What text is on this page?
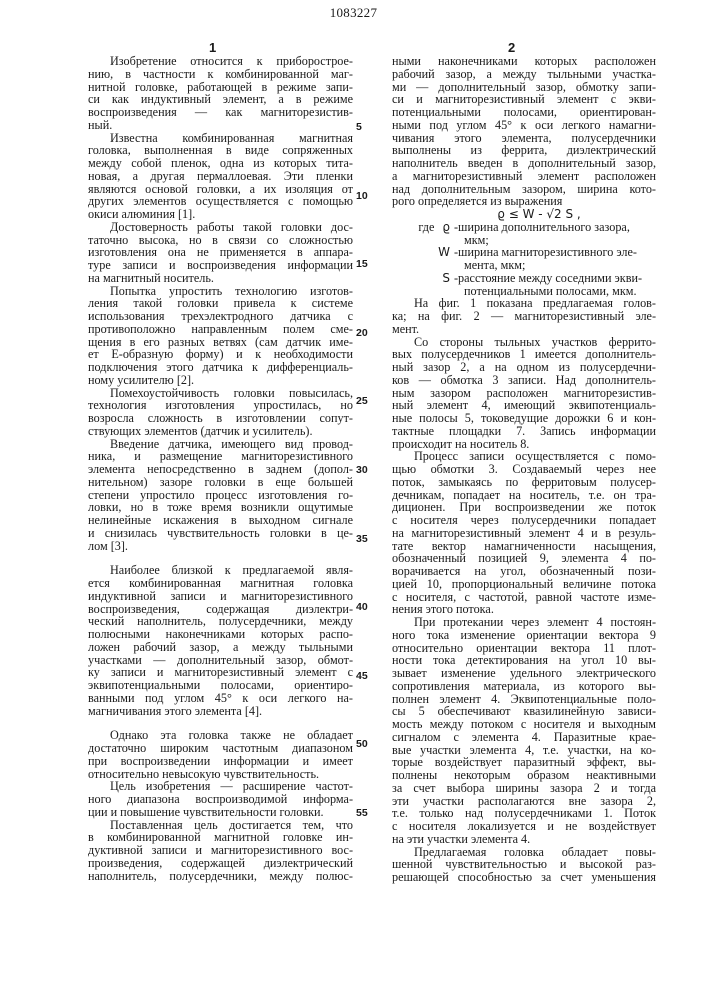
1083227
1	2
Изобретение относится к приборострое-
нию, в частности к комбинированной маг-
нитной головке, работающей в режиме запи-
си как индуктивный элемент, а в режиме
воспроизведения — как магниторезистив-
ный.
Известна комбинированная магнитная
головка, выполненная в виде сопряженных
между собой пленок, одна из которых тита-
новая, а другая пермаллоевая. Эти пленки
являются основой головки, а их изоляция от
других элементов осуществляется с помощью
окиси алюминия [1].
Достоверность работы такой головки дос-
таточно высока, но в связи со сложностью
изготовления она не применяется в аппара-
туре записи и воспроизведения информации
на магнитный носитель.
Попытка упростить технологию изготов-
ления такой головки привела к системе
использования трехэлектродного датчика с
противоположно направленным полем сме-
щения в его разных ветвях (сам датчик име-
ет Е-образную форму) и к необходимости
подключения этого датчика к дифференциаль-
ному усилителю [2].
Помехоустойчивость головки повысилась,
технология изготовления упростилась, но
возросла сложность в изготовлении сопут-
ствующих элементов (датчик и усилитель).
Введение датчика, имеющего вид провод-
ника, и размещение магниторезистивного
элемента непосредственно в заднем (допол-
нительном) зазоре головки в еще большей
степени упростило процесс изготовления го-
ловки, но в тоже время возникли ощутимые
нелинейные искажения в выходном сигнале
и снизилась чувствительность головки в це-
лом [3].
Наиболее близкой к предлагаемой явля-
ется комбинированная магнитная головка
индуктивной записи и магниторезистивного
воспроизведения, содержащая диэлектри-
ческий наполнитель, полусердечники, между
полюсными наконечниками которых распо-
ложен рабочий зазор, а между тыльными
участками — дополнительный зазор, обмот-
ку записи и магниторезистивный элемент с
эквипотенциальными полосами, ориентиро-
ванными под углом 45° к оси легкого на-
магничивания этого элемента [4].
Однако эта головка также не обладает
достаточно широким частотным диапазоном
при воспроизведении информации и имеет
относительно невысокую чувствительность.
Цель изобретения — расширение частот-
ного диапазона воспроизводимой информа-
ции и повышение чувствительности головки.
Поставленная цель достигается тем, что
в комбинированной магнитной головке ин-
дуктивной записи и магниторезистивного вос-
произведения, содержащей диэлектрический
наполнитель, полусердечники, между полюс-
ными наконечниками которых расположен
рабочий зазор, а между тыльными участка-
ми — дополнительный зазор, обмотку запи-
си и магниторезистивный элемент с экви-
потенциальными полосами, ориентирован-
ными под углом 45° к оси легкого намагни-
чивания этого элемента, полусердечники
выполнены из феррита, диэлектрический
наполнитель введен в дополнительный зазор,
а магниторезистивный элемент расположен
над дополнительным зазором, ширина кото-
рого определяется из выражения
ϱ ≤ W - √2 S ,
где ϱ -ширина дополнительного зазора,
мкм;
W -ширина магниторезистивного эле-
мента, мкм;
S -расстояние между соседними экви-
потенциальными полосами, мкм.
На фиг. 1 показана предлагаемая голов-
ка; на фиг. 2 — магниторезистивный эле-
мент.
Со стороны тыльных участков феррито-
вых полусердечников 1 имеется дополнитель-
ный зазор 2, а на одном из полусердечни-
ков — обмотка 3 записи. Над дополнитель-
ным зазором расположен магниторезистив-
ный элемент 4, имеющий эквипотенциаль-
ные полосы 5, токоведущие дорожки 6 и кон-
тактные площадки 7. Запись информации
происходит на носитель 8.
Процесс записи осуществляется с помо-
щью обмотки 3. Создаваемый через нее
поток, замыкаясь по ферритовым полусер-
дечникам, попадает на носитель, т.е. он тра-
диционен. При воспроизведении же поток
с носителя через полусердечники попадает
на магниторезистивный элемент 4 и в резуль-
тате вектор намагниченности насыщения,
обозначенный позицией 9, элемента 4 по-
ворачивается на угол, обозначенный пози-
цией 10, пропорциональный величине потока
с носителя, с частотой, равной частоте изме-
нения этого потока.
При протекании через элемент 4 постоян-
ного тока изменение ориентации вектора 9
относительно ориентации вектора 11 плот-
ности тока детектирования на угол 10 вы-
зывает изменение удельного электрического
сопротивления материала, из которого вы-
полнен элемент 4. Эквипотенциальные поло-
сы 5 обеспечивают квазилинейную зависи-
мость между потоком с носителя и выходным
сигналом с элемента 4. Паразитные крае-
вые участки элемента 4, т.е. участки, на ко-
торые воздействует паразитный эффект, вы-
полнены некоторым образом неактивными
за счет выбора ширины зазора 2 и тогда
эти участки располагаются вне зазора 2,
т.е. только над полусердечниками 1. Поток
с носителя локализуется и не воздействует
на эти участки элемента 4.
Предлагаемая головка обладает повы-
шенной чувствительностью и высокой раз-
решающей способностью за счет уменьшения
5
10
15
20
25
30
35
40
45
50
55
